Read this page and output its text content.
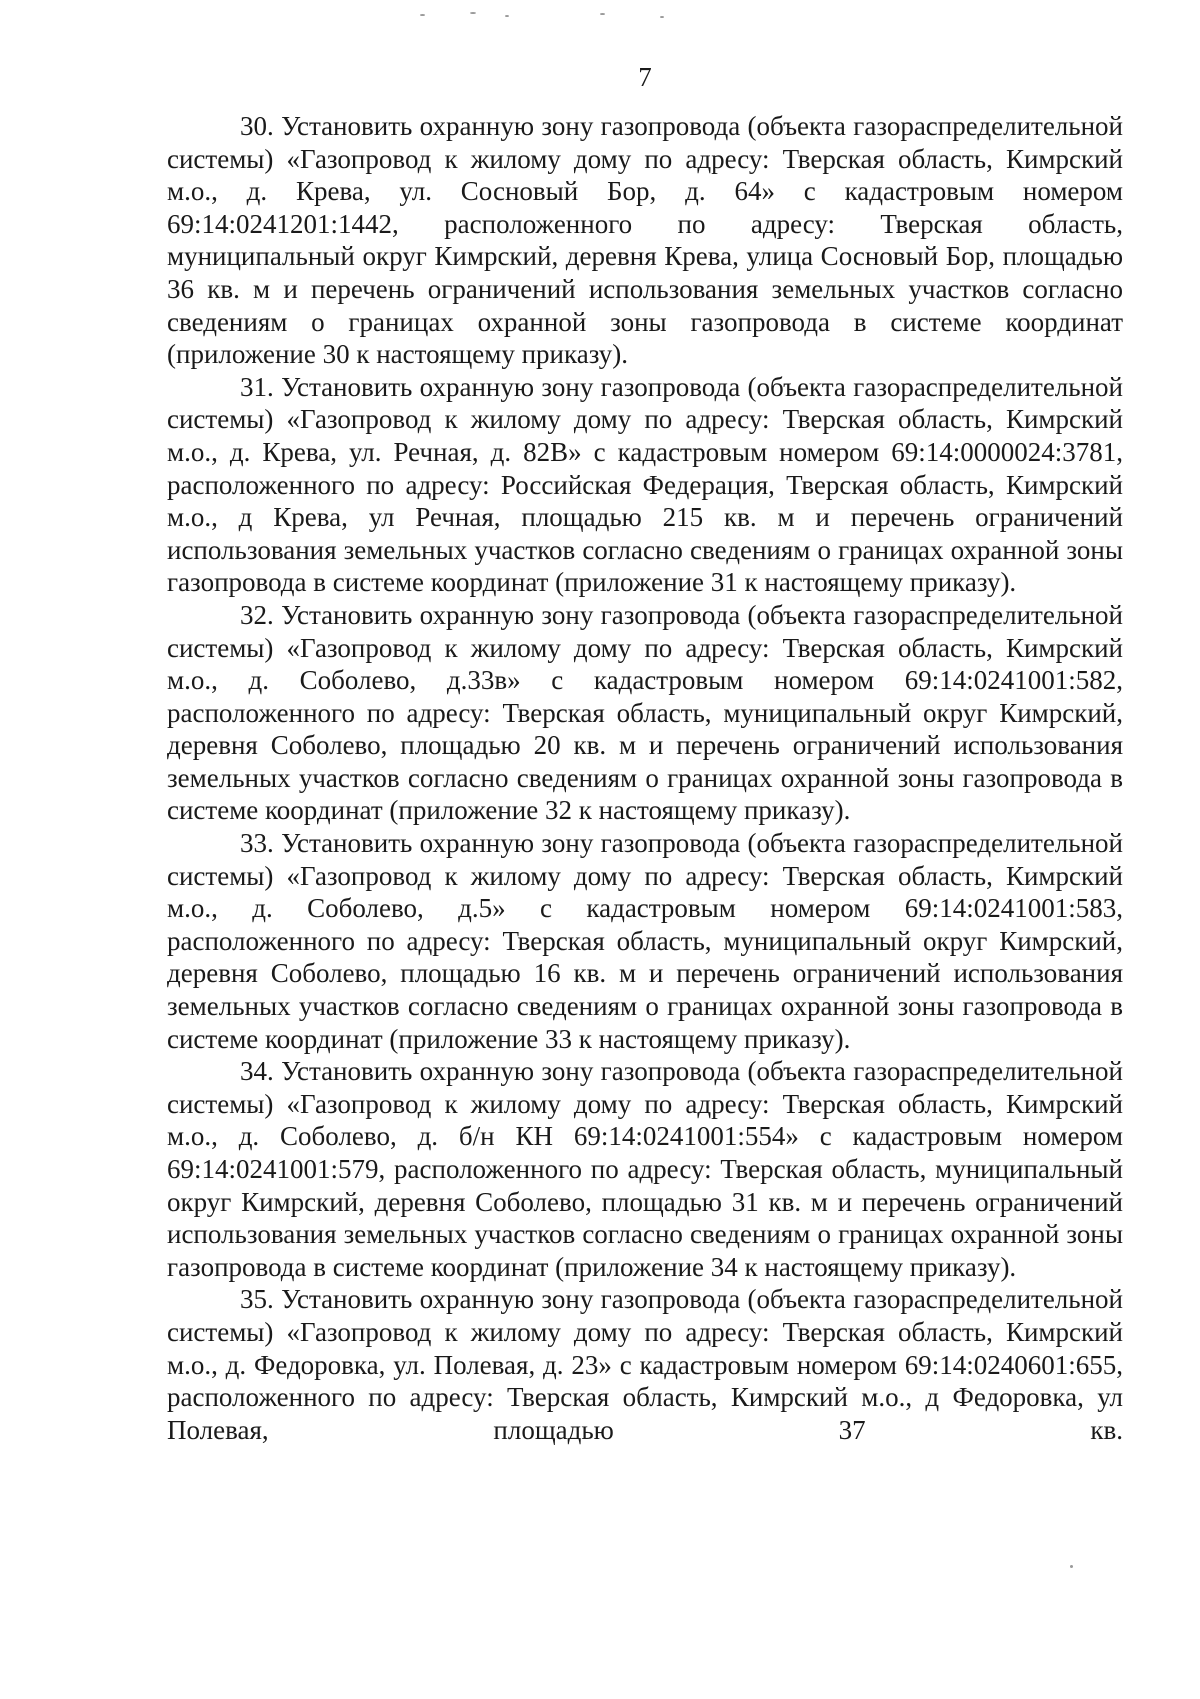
7

30. Установить охранную зону газопровода (объекта газораспределительной системы) «Газопровод к жилому дому по адресу: Тверская область, Кимрский м.о., д. Крева, ул. Сосновый Бор, д. 64» с кадастровым номером 69:14:0241201:1442, расположенного по адресу: Тверская область, муниципальный округ Кимрский, деревня Крева, улица Сосновый Бор, площадью 36 кв. м и перечень ограничений использования земельных участков согласно сведениям о границах охранной зоны газопровода в системе координат (приложение 30 к настоящему приказу).

31. Установить охранную зону газопровода (объекта газораспределительной системы) «Газопровод к жилому дому по адресу: Тверская область, Кимрский м.о., д. Крева, ул. Речная, д. 82В» с кадастровым номером 69:14:0000024:3781, расположенного по адресу: Российская Федерация, Тверская область, Кимрский м.о., д Крева, ул Речная, площадью 215 кв. м и перечень ограничений использования земельных участков согласно сведениям о границах охранной зоны газопровода в системе координат (приложение 31 к настоящему приказу).

32. Установить охранную зону газопровода (объекта газораспределительной системы) «Газопровод к жилому дому по адресу: Тверская область, Кимрский м.о., д. Соболево, д.33в» с кадастровым номером 69:14:0241001:582, расположенного по адресу: Тверская область, муниципальный округ Кимрский, деревня Соболево, площадью 20 кв. м и перечень ограничений использования земельных участков согласно сведениям о границах охранной зоны газопровода в системе координат (приложение 32 к настоящему приказу).

33. Установить охранную зону газопровода (объекта газораспределительной системы) «Газопровод к жилому дому по адресу: Тверская область, Кимрский м.о., д. Соболево, д.5» с кадастровым номером 69:14:0241001:583, расположенного по адресу: Тверская область, муниципальный округ Кимрский, деревня Соболево, площадью 16 кв. м и перечень ограничений использования земельных участков согласно сведениям о границах охранной зоны газопровода в системе координат (приложение 33 к настоящему приказу).

34. Установить охранную зону газопровода (объекта газораспределительной системы) «Газопровод к жилому дому по адресу: Тверская область, Кимрский м.о., д. Соболево, д. б/н КН 69:14:0241001:554» с кадастровым номером 69:14:0241001:579, расположенного по адресу: Тверская область, муниципальный округ Кимрский, деревня Соболево, площадью 31 кв. м и перечень ограничений использования земельных участков согласно сведениям о границах охранной зоны газопровода в системе координат (приложение 34 к настоящему приказу).

35. Установить охранную зону газопровода (объекта газораспределительной системы) «Газопровод к жилому дому по адресу: Тверская область, Кимрский м.о., д. Федоровка, ул. Полевая, д. 23» с кадастровым номером 69:14:0240601:655, расположенного по адресу: Тверская область, Кимрский м.о., д Федоровка, ул Полевая, площадью 37 кв.
